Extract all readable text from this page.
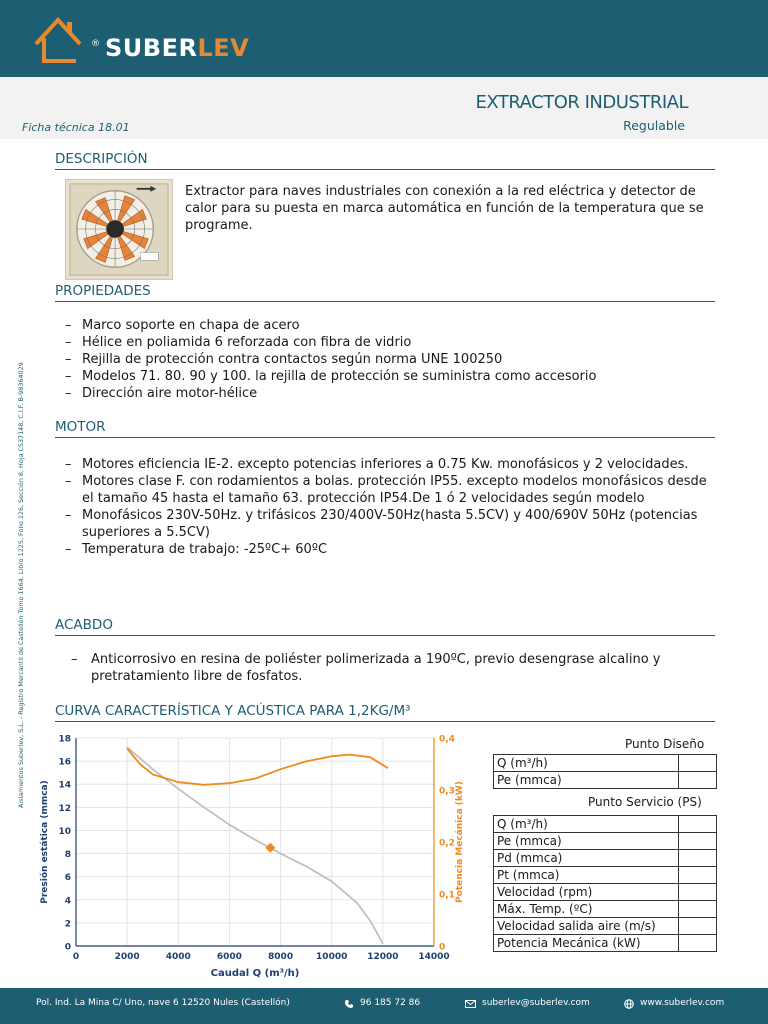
® SUBERLEV
EXTRACTOR INDUSTRIAL
Regulable
Ficha técnica 18.01
Aislamientos Suberlev, S.L. - Registro Mercantil de Castellón Tomo 1664, Libro 1225, Folio 126, Sección 8, Hoja CS37148, C.I.F. B-98364029
DESCRIPCIÓN
Extractor para naves industriales con conexión a la red eléctrica y detector de calor para su puesta en marca automática en función de la temperatura que se programe.
PROPIEDADES
– Marco soporte en chapa de acero
– Hélice en poliamida 6 reforzada con fibra de vidrio
– Rejilla de protección contra contactos según norma UNE 100250
– Modelos 71. 80. 90 y 100. la rejilla de protección se suministra como accesorio
– Dirección aire motor-hélice
MOTOR
– Motores eficiencia IE-2. excepto potencias inferiores a 0.75 Kw. monofásicos y 2 velocidades.
– Motores clase F. con rodamientos a bolas. protección IP55. excepto modelos monofásicos desde el tamaño 45 hasta el tamaño 63. protección IP54.De 1 ó 2 velocidades según modelo
– Monofásicos 230V-50Hz. y trifásicos 230/400V-50Hz(hasta 5.5CV) y 400/690V 50Hz (potencias superiores a 5.5CV)
– Temperatura de trabajo: -25ºC+ 60ºC
ACABDO
– Anticorrosivo en resina de poliéster polimerizada a 190ºC, previo desengrase alcalino y pretratamiento libre de fosfatos.
CURVA CARACTERÍSTICA Y ACÚSTICA PARA 1,2KG/M³
0
2
4
6
8
10
12
14
16
18
0	2000	4000	6000	8000	10000 12000 14000
0
0,1
0,2
0,3
0,4
Caudal Q (m³/h)
Presión estática (mmca)	Potencia Mecánica (kW)
Punto Diseño
Q (m³/h)	
Pe (mmca)	
Punto Servicio (PS)
Q (m³/h)	
Pe (mmca)	
Pd (mmca)	
Pt (mmca)	
Velocidad (rpm)	
Máx. Temp. (ºC)	
Velocidad salida aire (m/s)	
Potencia Mecánica (kW)	
Pol. Ind. La Mina C/ Uno, nave 6 12520 Nules (Castellón)	96 185 72 86	suberlev@suberlev.com	www.suberlev.com
